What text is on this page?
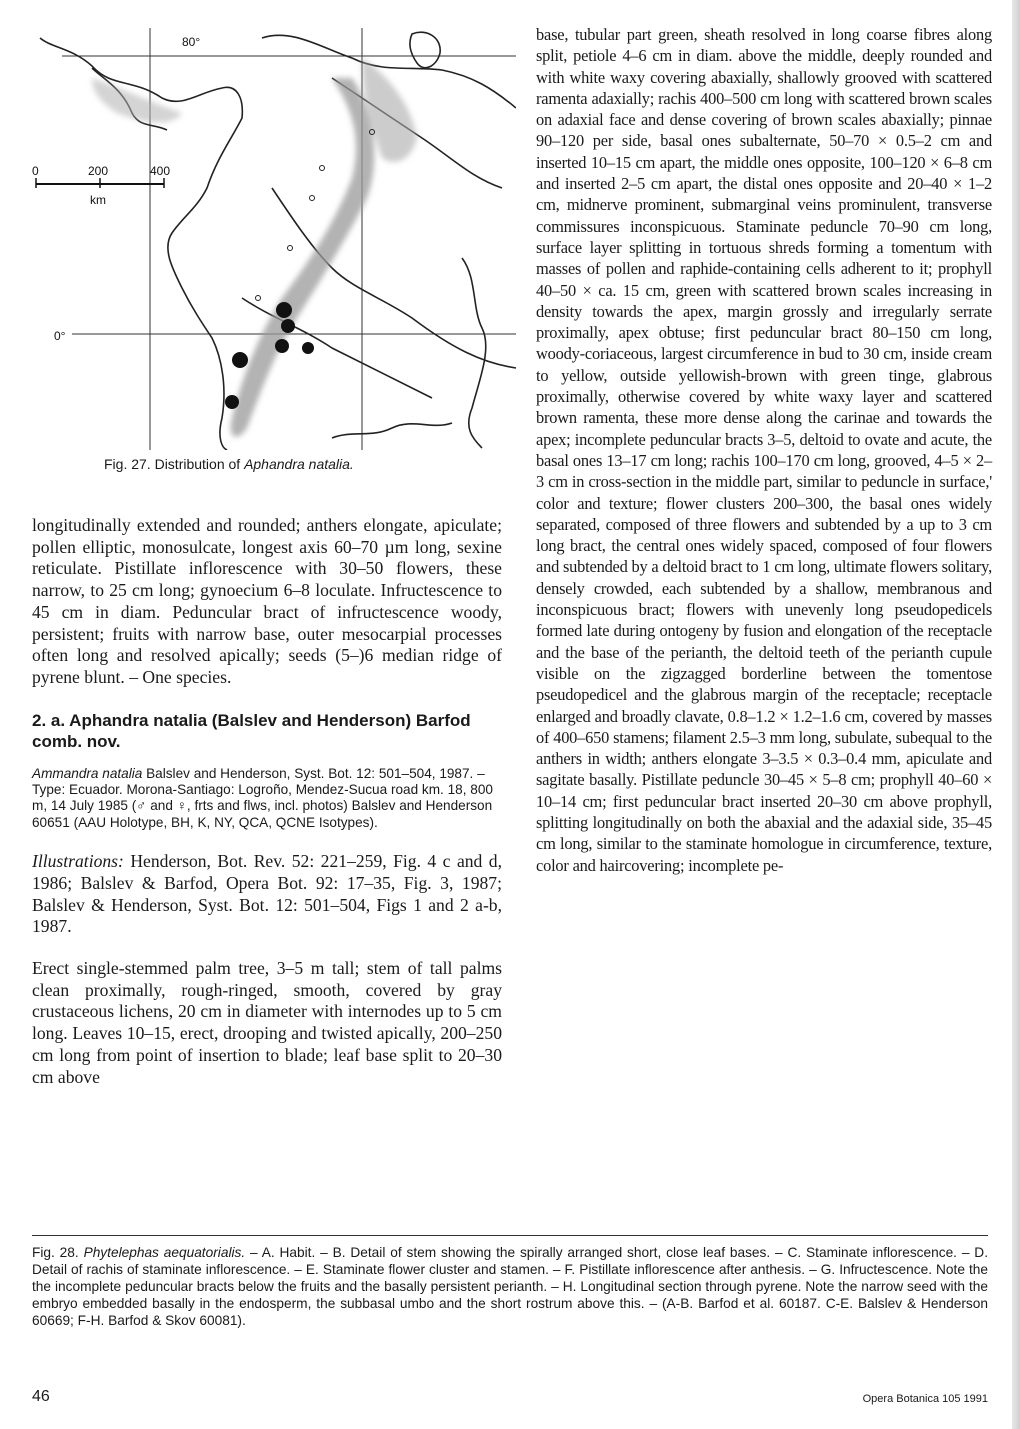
80°
0°
0	200	400
km
Fig. 27. Distribution of Aphandra natalia.

longitudinally extended and rounded; anthers elongate, apiculate; pollen elliptic, monosulcate, longest axis 60–70 µm long, sexine reticulate. Pistillate inflorescence with 30–50 flowers, these narrow, to 25 cm long; gynoecium 6–8 loculate. Infructescence to 45 cm in diam. Peduncular bract of infructescence woody, persistent; fruits with narrow base, outer mesocarpial processes often long and resolved apically; seeds (5–)6 median ridge of pyrene blunt. – One species.

2. a. Aphandra natalia (Balslev and Henderson) Barfod comb. nov.

Ammandra natalia Balslev and Henderson, Syst. Bot. 12: 501–504, 1987. – Type: Ecuador. Morona-Santiago: Logroño, Mendez-Sucua road km. 18, 800 m, 14 July 1985 (♂ and ♀, frts and flws, incl. photos) Balslev and Henderson 60651 (AAU Holotype, BH, K, NY, QCA, QCNE Isotypes).

Illustrations: Henderson, Bot. Rev. 52: 221–259, Fig. 4 c and d, 1986; Balslev & Barfod, Opera Bot. 92: 17–35, Fig. 3, 1987; Balslev & Henderson, Syst. Bot. 12: 501–504, Figs 1 and 2 a-b, 1987.

Erect single-stemmed palm tree, 3–5 m tall; stem of tall palms clean proximally, rough-ringed, smooth, covered by gray crustaceous lichens, 20 cm in diameter with internodes up to 5 cm long. Leaves 10–15, erect, drooping and twisted apically, 200–250 cm long from point of insertion to blade; leaf base split to 20–30 cm above

base, tubular part green, sheath resolved in long coarse fibres along split, petiole 4–6 cm in diam. above the middle, deeply rounded and with white waxy covering abaxially, shallowly grooved with scattered ramenta adaxially; rachis 400–500 cm long with scattered brown scales on adaxial face and dense covering of brown scales abaxially; pinnae 90–120 per side, basal ones subalternate, 50–70 × 0.5–2 cm and inserted 10–15 cm apart, the middle ones opposite, 100–120 × 6–8 cm and inserted 2–5 cm apart, the distal ones opposite and 20–40 × 1–2 cm, midnerve prominent, submarginal veins prominulent, transverse commissures inconspicuous. Staminate peduncle 70–90 cm long, surface layer splitting in tortuous shreds forming a tomentum with masses of pollen and raphide-containing cells adherent to it; prophyll 40–50 × ca. 15 cm, green with scattered brown scales increasing in density towards the apex, margin grossly and irregularly serrate proximally, apex obtuse; first peduncular bract 80–150 cm long, woody-coriaceous, largest circumference in bud to 30 cm, inside cream to yellow, outside yellowish-brown with green tinge, glabrous proximally, otherwise covered by white waxy layer and scattered brown ramenta, these more dense along the carinae and towards the apex; incomplete peduncular bracts 3–5, deltoid to ovate and acute, the basal ones 13–17 cm long; rachis 100–170 cm long, grooved, 4–5 × 2–3 cm in cross-section in the middle part, similar to peduncle in surface,' color and texture; flower clusters 200–300, the basal ones widely separated, composed of three flowers and subtended by a up to 3 cm long bract, the central ones widely spaced, composed of four flowers and subtended by a deltoid bract to 1 cm long, ultimate flowers solitary, densely crowded, each subtended by a shallow, membranous and inconspicuous bract; flowers with unevenly long pseudopedicels formed late during ontogeny by fusion and elongation of the receptacle and the base of the perianth, the deltoid teeth of the perianth cupule visible on the zigzagged borderline between the tomentose pseudopedicel and the glabrous margin of the receptacle; receptacle enlarged and broadly clavate, 0.8–1.2 × 1.2–1.6 cm, covered by masses of 400–650 stamens; filament 2.5–3 mm long, subulate, subequal to the anthers in width; anthers elongate 3–3.5 × 0.3–0.4 mm, apiculate and sagitate basally. Pistillate peduncle 30–45 × 5–8 cm; prophyll 40–60 × 10–14 cm; first peduncular bract inserted 20–30 cm above prophyll, splitting longitudinally on both the abaxial and the adaxial side, 35–45 cm long, similar to the staminate homologue in circumference, texture, color and haircovering; incomplete pe-

Fig. 28. Phytelephas aequatorialis. – A. Habit. – B. Detail of stem showing the spirally arranged short, close leaf bases. – C. Staminate inflorescence. – D. Detail of rachis of staminate inflorescence. – E. Staminate flower cluster and stamen. – F. Pistillate inflorescence after anthesis. – G. Infructescence. Note the the incomplete peduncular bracts below the fruits and the basally persistent perianth. – H. Longitudinal section through pyrene. Note the narrow seed with the embryo embedded basally in the endosperm, the subbasal umbo and the short rostrum above this. – (A-B. Barfod et al. 60187. C-E. Balslev & Henderson 60669; F-H. Barfod & Skov 60081).
46	Opera Botanica 105 1991
